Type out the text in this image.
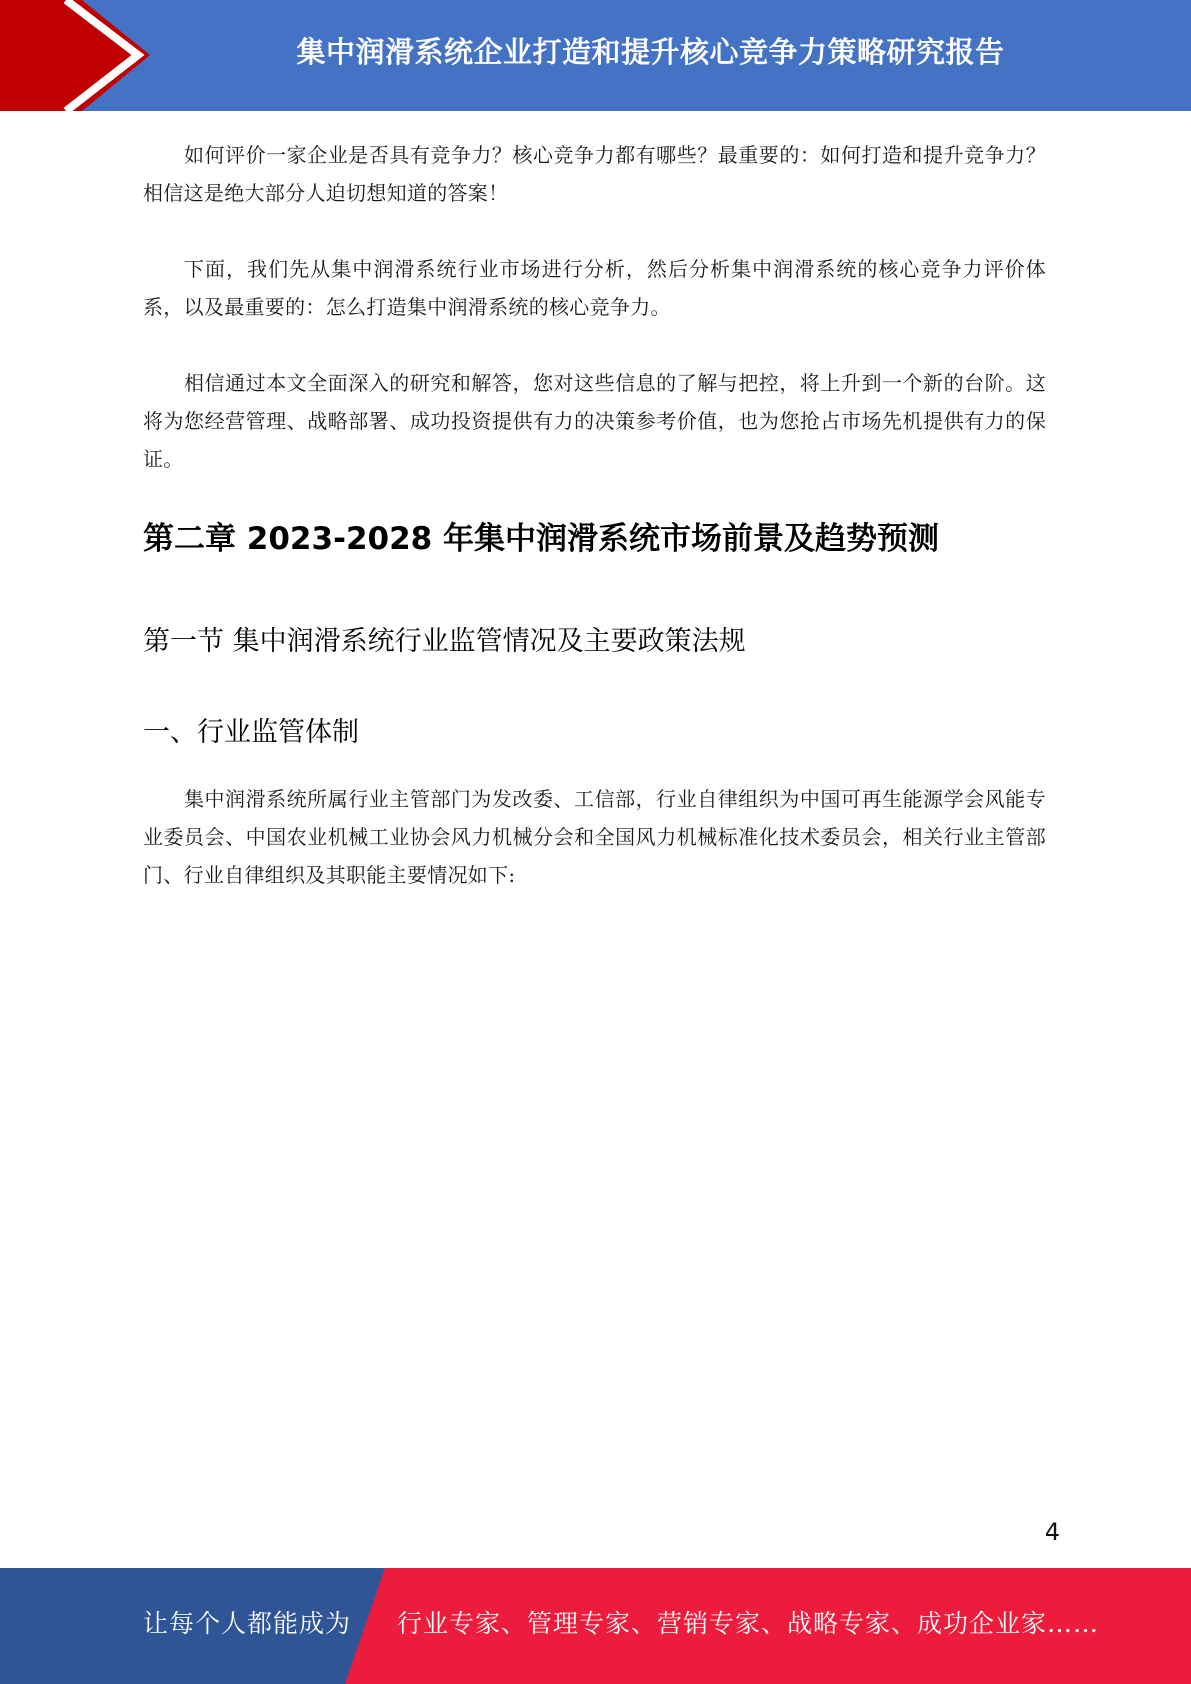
集中润滑系统企业打造和提升核心竞争力策略研究报告

如何评价一家企业是否具有竞争力？核心竞争力都有哪些？最重要的：如何打造和提升竞争力？相信这是绝大部分人迫切想知道的答案！

下面，我们先从集中润滑系统行业市场进行分析，然后分析集中润滑系统的核心竞争力评价体系，以及最重要的：怎么打造集中润滑系统的核心竞争力。

相信通过本文全面深入的研究和解答，您对这些信息的了解与把控，将上升到一个新的台阶。这将为您经营管理、战略部署、成功投资提供有力的决策参考价值，也为您抢占市场先机提供有力的保证。

第二章 2023-2028 年集中润滑系统市场前景及趋势预测
第一节 集中润滑系统行业监管情况及主要政策法规
一、行业监管体制

集中润滑系统所属行业主管部门为发改委、工信部，行业自律组织为中国可再生能源学会风能专业委员会、中国农业机械工业协会风力机械分会和全国风力机械标准化技术委员会，相关行业主管部门、行业自律组织及其职能主要情况如下:

4
让每个人都能成为 行业专家、管理专家、营销专家、战略专家、成功企业家……
